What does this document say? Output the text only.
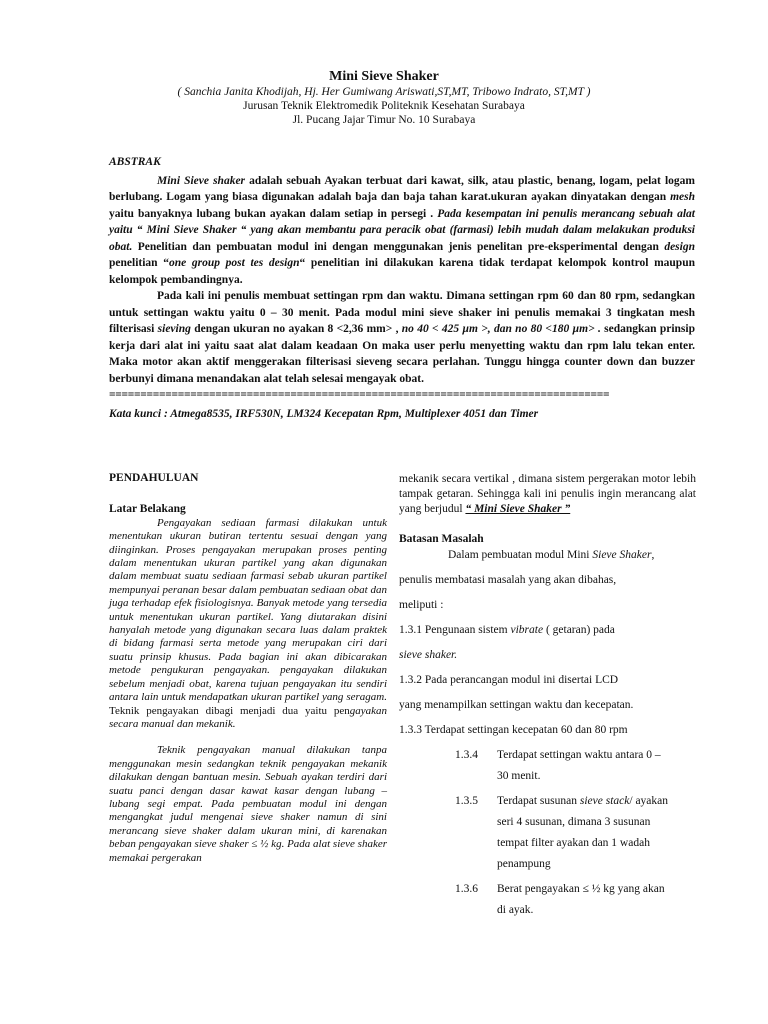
Mini Sieve Shaker
( Sanchia Janita Khodijah, Hj. Her Gumiwang Ariswati,ST,MT, Tribowo Indrato, ST,MT )
Jurusan Teknik Elektromedik Politeknik Kesehatan Surabaya
Jl. Pucang Jajar Timur No. 10 Surabaya
ABSTRAK

Mini Sieve shaker adalah sebuah Ayakan terbuat dari kawat, silk, atau plastic, benang, logam, pelat logam berlubang. Logam yang biasa digunakan adalah baja dan baja tahan karat.ukuran ayakan dinyatakan dengan mesh yaitu banyaknya lubang bukan ayakan dalam setiap in persegi . Pada kesempatan ini penulis merancang sebuah alat yaitu “ Mini Sieve Shaker “ yang akan membantu para peracik obat (farmasi) lebih mudah dalam melakukan produksi obat. Penelitian dan pembuatan modul ini dengan menggunakan jenis penelitan pre-eksperimental dengan design penelitian “one group post tes design“ penelitian ini dilakukan karena tidak terdapat kelompok kontrol maupun kelompok pembandingnya.

Pada kali ini penulis membuat settingan rpm dan waktu. Dimana settingan rpm 60 dan 80 rpm, sedangkan untuk settingan waktu yaitu 0 – 30 menit. Pada modul mini sieve shaker ini penulis memakai 3 tingkatan mesh filterisasi sieving dengan ukuran no ayakan 8 <2,36 mm> , no 40 < 425 µm >, dan no 80 <180 µm> . sedangkan prinsip kerja dari alat ini yaitu saat alat dalam keadaan On maka user perlu menyetting waktu dan rpm lalu tekan enter. Maka motor akan aktif menggerakan filterisasi sieveng secara perlahan. Tunggu hingga counter down dan buzzer berbunyi dimana menandakan alat telah selesai mengayak obat.

================================================================================
Kata kunci : Atmega8535, IRF530N, LM324 Kecepatan Rpm, Multiplexer 4051 dan Timer
PENDAHULUAN
Latar Belakang

Pengayakan sediaan farmasi dilakukan untuk menentukan ukuran butiran tertentu sesuai dengan yang diinginkan. Proses pengayakan merupakan proses penting dalam menentukan ukuran partikel yang akan digunakan dalam membuat suatu sediaan farmasi sebab ukuran partikel mempunyai peranan besar dalam pembuatan sediaan obat dan juga terhadap efek fisiologisnya. Banyak metode yang tersedia untuk menentukan ukuran partikel. Yang diutarakan disini hanyalah metode yang digunakan secara luas dalam praktek di bidang farmasi serta metode yang merupakan ciri dari suatu prinsip khusus. Pada bagian ini akan dibicarakan metode pengukuran pengayakan. pengayakan dilakukan sebelum menjadi obat, karena tujuan pengayakan itu sendiri antara lain untuk mendapatkan ukuran partikel yang seragam. Teknik pengayakan dibagi menjadi dua yaitu pengayakan secara manual dan mekanik.

Teknik pengayakan manual dilakukan tanpa menggunakan mesin sedangkan teknik pengayakan mekanik dilakukan dengan bantuan mesin. Sebuah ayakan terdiri dari suatu panci dengan dasar kawat kasar dengan lubang – lubang segi empat. Pada pembuatan modul ini dengan mengangkat judul mengenai sieve shaker namun di sini merancang sieve shaker dalam ukuran mini, di karenakan beban pengayakan sieve shaker ≤ ½ kg. Pada alat sieve shaker memakai pergerakan

mekanik secara vertikal , dimana sistem pergerakan motor lebih tampak getaran. Sehingga kali ini penulis ingin merancang alat yang berjudul “ Mini Sieve Shaker ”

Batasan Masalah

Dalam pembuatan modul Mini Sieve Shaker,

penulis membatasi masalah yang akan dibahas,

meliputi :

1.3.1 Pengunaan sistem vibrate ( getaran) pada

sieve shaker.

1.3.2 Pada perancangan modul ini disertai LCD

yang menampilkan settingan waktu dan kecepatan.

1.3.3 Terdapat settingan kecepatan 60 dan 80 rpm

1.3.4	Terdapat settingan waktu antara 0 –
30 menit.
1.3.5	Terdapat susunan sieve stack/ ayakan
seri 4 susunan, dimana 3 susunan
tempat filter ayakan dan 1 wadah
penampung
1.3.6	Berat pengayakan ≤ ½ kg yang akan
di ayak.
